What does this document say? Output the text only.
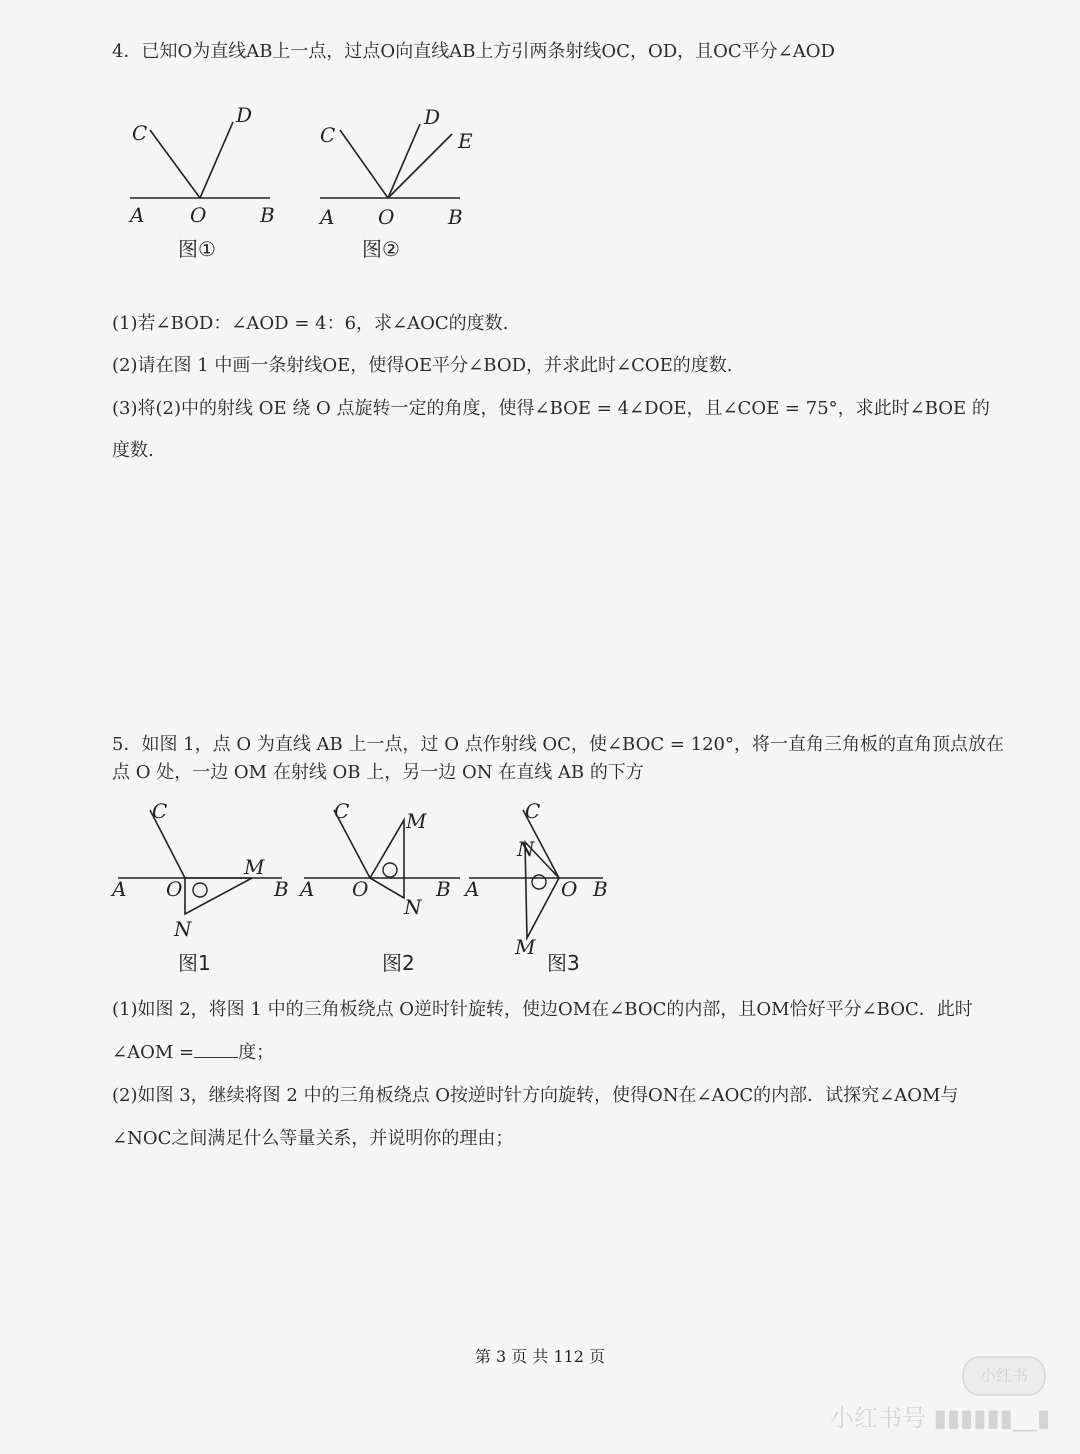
4．已知O为直线AB上一点，过点O向直线AB上方引两条射线OC，OD，且OC平分∠AOD
C
D
A O	B
图①
C
D
E
A O	B
图②
(1)若∠BOD：∠AOD = 4：6，求∠AOC的度数.
(2)请在图 1 中画一条射线OE，使得OE平分∠BOD，并求此时∠COE的度数.
(3)将(2)中的射线 OE 绕 O 点旋转一定的角度，使得∠BOE = 4∠DOE，且∠COE = 75°，求此时∠BOE 的
度数.
5．如图 1，点 O 为直线 AB 上一点，过 O 点作射线 OC，使∠BOC = 120°，将一直角三角板的直角顶点放在
点 O 处，一边 OM 在射线 OB 上，另一边 ON 在直线 AB 的下方
C
M
A O	B
N
图1
C	M
A O	B
N
图2
C
N
A	O B
M
图3
(1)如图 2，将图 1 中的三角板绕点 O逆时针旋转，使边OM在∠BOC的内部，且OM恰好平分∠BOC．此时
∠AOM = 度；
(2)如图 3，继续将图 2 中的三角板绕点 O按逆时针方向旋转，使得ON在∠AOC的内部．试探究∠AOM与
∠NOC之间满足什么等量关系，并说明你的理由；
第 3 页 共 112 页
小红书
小红书号 ▮▮▮▮▮▮__▮
